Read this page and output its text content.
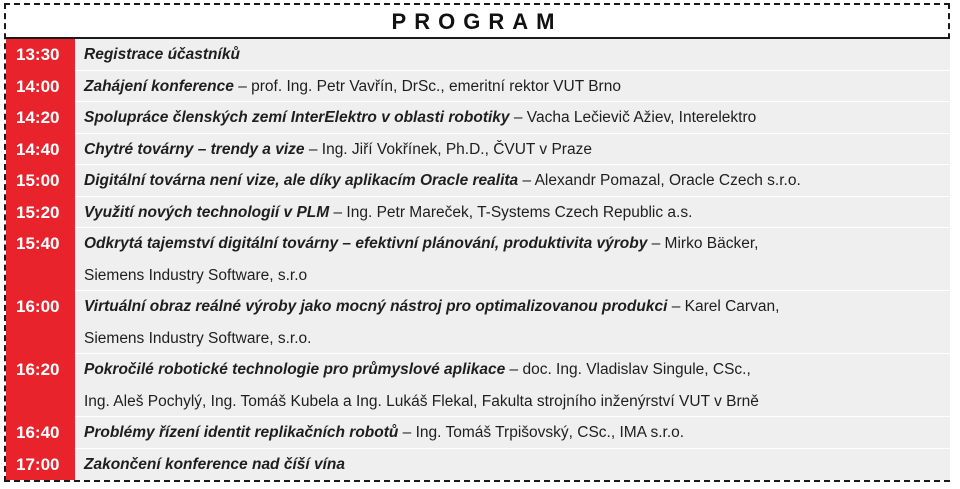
PROGRAM
13:30	Registrace účastníků
14:00	Zahájení konference – prof. Ing. Petr Vavřín, DrSc., emeritní rektor VUT Brno
14:20	Spolupráce členských zemí InterElektro v oblasti robotiky – Vacha Lečievič Ažiev, Interelektro
14:40	Chytré továrny – trendy a vize – Ing. Jiří Vokřínek, Ph.D., ČVUT v Praze
15:00	Digitální továrna není vize, ale díky aplikacím Oracle realita – Alexandr Pomazal, Oracle Czech s.r.o.
15:20	Využití nových technologií v PLM – Ing. Petr Mareček, T-Systems Czech Republic a.s.
15:40	Odkrytá tajemství digitální továrny – efektivní plánování, produktivita výroby – Mirko Bäcker,
Siemens Industry Software, s.r.o
16:00	Virtuální obraz reálné výroby jako mocný nástroj pro optimalizovanou produkci – Karel Carvan,
Siemens Industry Software, s.r.o.
16:20	Pokročilé robotické technologie pro průmyslové aplikace – doc. Ing. Vladislav Singule, CSc.,
Ing. Aleš Pochylý, Ing. Tomáš Kubela a Ing. Lukáš Flekal, Fakulta strojního inženýrství VUT v Brně
16:40	Problémy řízení identit replikačních robotů – Ing. Tomáš Trpišovský, CSc., IMA s.r.o.
17:00	Zakončení konference nad číší vína
